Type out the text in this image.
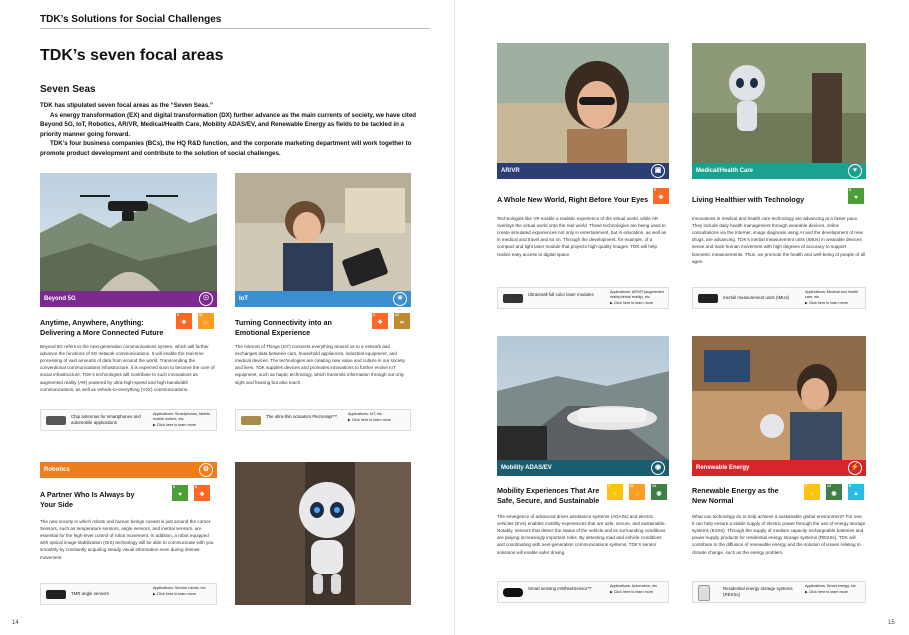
TDK’s Solutions for Social Challenges
TDK’s seven focal areas
Seven Seas

TDK has stipulated seven focal areas as the “Seven Seas.”

As energy transformation (EX) and digital transformation (DX) further advance as the main currents of society, we have cited Beyond 5G, IoT, Robotics, AR/VR, Medical/Health Care, Mobility ADAS/EV, and Renewable Energy as fields to be tackled in a priority manner going forward.

TDK’s four business companies (BCs), the HQ R&D function, and the corporate marketing department will work together to promote product development and contribute to the solution of social challenges.

Beyond 5G	☉
Anytime, Anywhere, Anything: Delivering a More Connected Future
9
❖
11
⌂
Beyond 5G refers to the next-generation communications system, which will further advance the functions of 5G network communications. It will enable the real-time processing of vast amounts of data from around the world. Transcending the conventional communications infrastructure, it is expected soon to become the core of social infrastructure. TDK’s technologies will contribute to such innovations as augmented reality (AR) powered by ultra-high-speed and high-bandwidth communications, as well as vehicle-to-everything (V2X) communications.
Chip antennas for smartphones and automobile applications
Applications: Smartphones, tablets, mobile routers, etc.
▶ Click here to learn more
IoT	✳
Turning Connectivity into an Emotional Experience
9
❖
12
∞
The Internet of Things (IoT) connects everything around us to a network and exchanges data between cars, household appliances, industrial equipment, and medical devices. The technologies are creating new value and culture in our society and lives. TDK supplies devices and promotes innovations to further evolve IoT equipment, such as haptic technology, which transmits information through not only sight and hearing but also touch.
The ultra-thin actuators PiezoHapt™	Applications: IoT, etc.
▶ Click here to learn more
Robotics	⚙
A Partner Who Is Always by Your Side
3
♥
9
❖
The new society in which robots and human beings coexist is just around the corner. Sensors, such as temperature sensors, angle sensors, and inertial sensors, are essential for the high-level control of robot movement. In addition, a robot equipped with optical image stabilization (OIS) technology will be able to communicate with you smoothly by constantly acquiring steady visual information even during intense movement.
TMR angle sensors
Applications: Service robots, etc.
▶ Click here to learn more
14
AR/VR	▣
A Whole New World, Right Before Your Eyes
9
❖
Technologies like VR enable a realistic experience of the virtual world, while AR overlays the virtual world onto the real world. These technologies are being used to create simulated experiences not only in entertainment, but in education, as well as in medical and travel and so on. Through the development, for example, of a compact and light laser module that projects high-quality images, TDK will help realize easy access to digital space.
Ultrasmall full color laser modules	Applications: AR/VR (augmented reality/virtual reality), etc.
▶ Click here to learn more
Medical/Health Care	♥
Living Healthier with Technology
3
♥
Innovations in medical and health care technology are advancing at a faster pace. They include daily health management through wearable devices, online consultations via the Internet, image diagnosis using AI and the development of new drugs, are advancing. TDK’s inertial measurement units (IMUs) in wearable devices sense and track human movement with high degrees of accuracy to support biometric measurements. Thus, we promote the health and well-being of people of all ages.
Inertial measurement units (IMUs)
Applications: Medical and health care, etc.
▶ Click here to learn more
Mobility ADAS/EV	◉
Mobility Experiences That Are Safe, Secure, and Sustainable
7
☼
11
⌂
13
◉
The emergence of advanced driver assistance systems (ADASs) and electric vehicles (EVs) enables mobility experiences that are safe, secure, and sustainable. Notably, sensors that detect the status of the vehicle and its surrounding conditions are playing increasingly important roles. By detecting road and vehicle conditions and coordinating with next-generation communications systems, TDK’s sensor solutions will enable safer driving.
Smart sensing InWheelSensor™	Applications: Automotive, etc.
▶ Click here to learn more
Renewable Energy	⚡
Renewable Energy as the New Normal
7
☼
13
◉
6
▲
What can technology do to help achieve a sustainable global environment? For one, it can help ensure a stable supply of electric power through the use of energy storage systems (ESSs). Through the supply of medium capacity rechargeable batteries and power-supply products for residential energy storage systems (RESSs), TDK will contribute to the diffusion of renewable energy and the solution of issues relating to climate change, such as the energy problem.
Residential energy storage systems (RESSs)
Applications: Smart energy, etc.
▶ Click here to learn more
15
